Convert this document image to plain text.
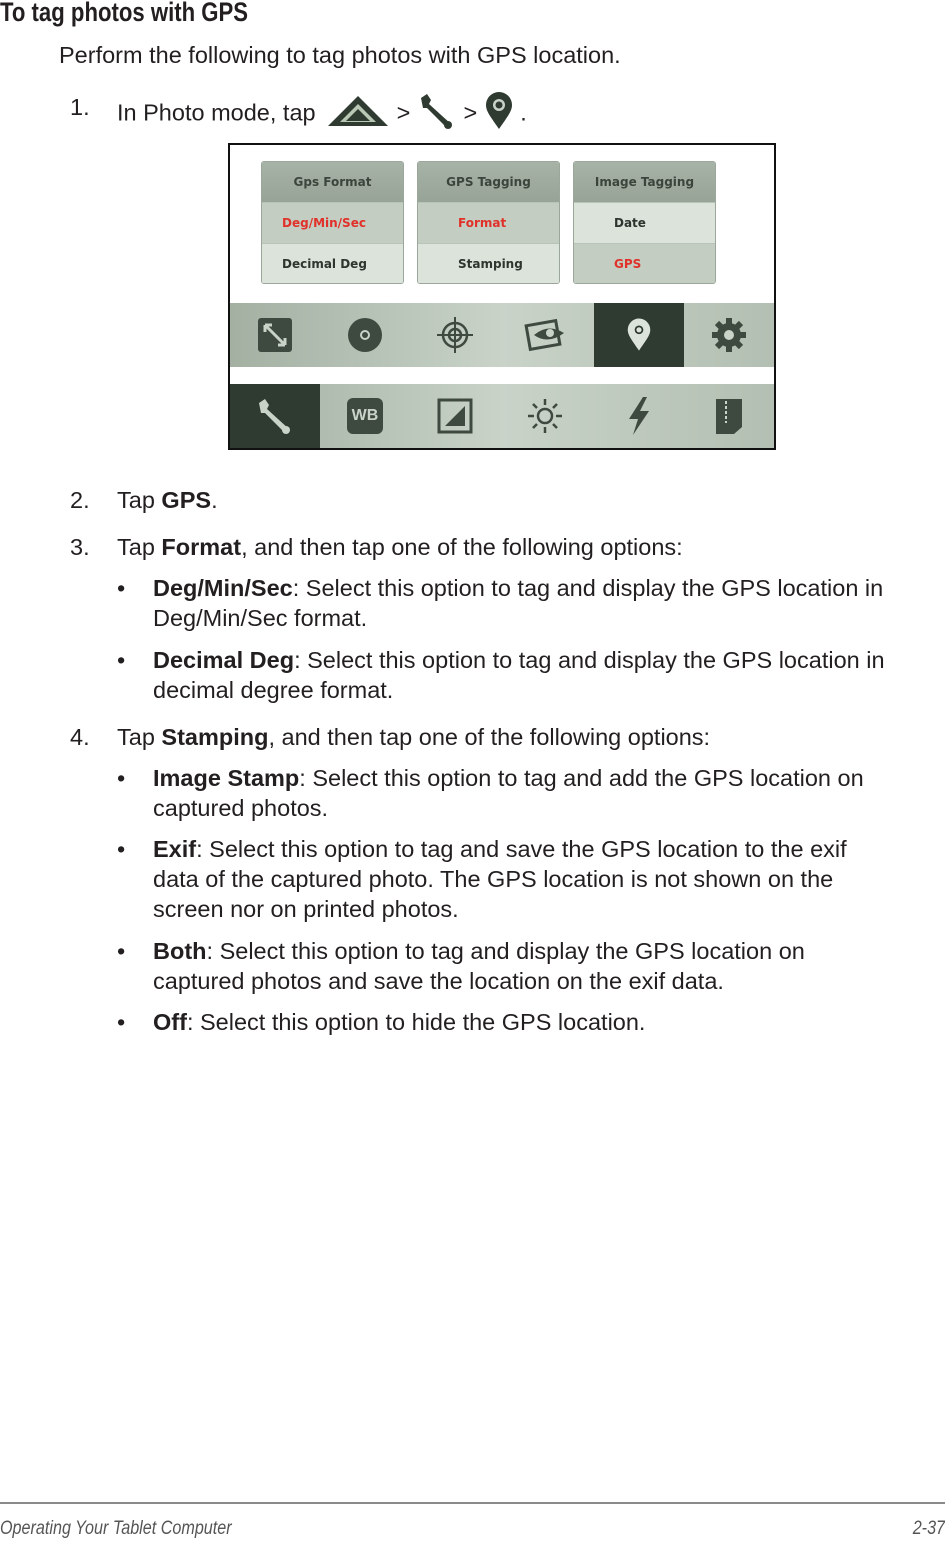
To tag photos with GPS
Perform the following to tag photos with GPS location.
1. In Photo mode, tap	> > .
Gps Format
Deg/Min/Sec
Decimal Deg
GPS Tagging
Format
Stamping
Image Tagging
Date
GPS
WB
2. Tap GPS.
3. Tap Format, and then tap one of the following options:
• Deg/Min/Sec: Select this option to tag and display the GPS location in Deg/Min/Sec format.
• Decimal Deg: Select this option to tag and display the GPS location in decimal degree format.
4. Tap Stamping, and then tap one of the following options:
• Image Stamp: Select this option to tag and add the GPS location on captured photos.
• Exif: Select this option to tag and save the GPS location to the exif data of the captured photo. The GPS location is not shown on the screen nor on printed photos.
• Both: Select this option to tag and display the GPS location on captured photos and save the location on the exif data.
• Off: Select this option to hide the GPS location.
Operating Your Tablet Computer	2-37
